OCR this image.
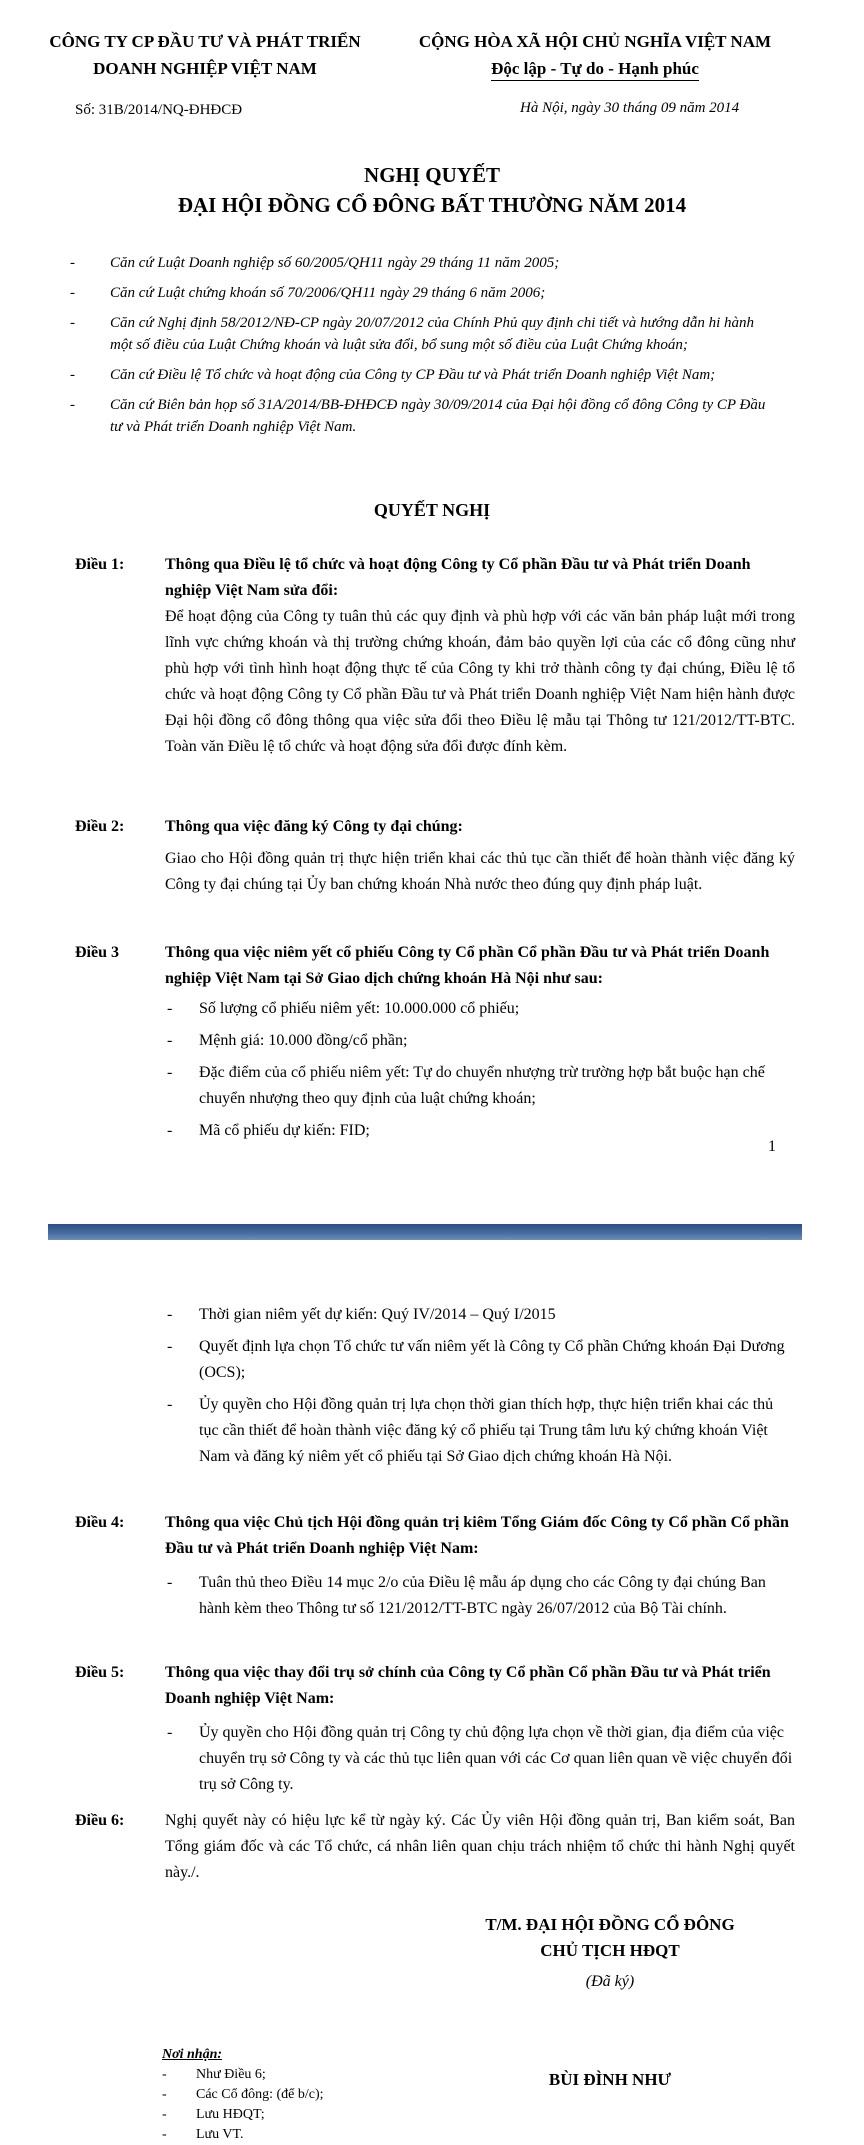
CÔNG TY CP ĐẦU TƯ VÀ PHÁT TRIỂN
DOANH NGHIỆP VIỆT NAM
CỘNG HÒA XÃ HỘI CHỦ NGHĨA VIỆT NAM
Độc lập - Tự do - Hạnh phúc
Số: 31B/2014/NQ-ĐHĐCĐ	Hà Nội, ngày 30 tháng 09 năm 2014
NGHỊ QUYẾT
ĐẠI HỘI ĐỒNG CỔ ĐÔNG BẤT THƯỜNG NĂM 2014
- Căn cứ Luật Doanh nghiệp số 60/2005/QH11 ngày 29 tháng 11 năm 2005;
- Căn cứ Luật chứng khoán số 70/2006/QH11 ngày 29 tháng 6 năm 2006;
- Căn cứ Nghị định 58/2012/NĐ-CP ngày 20/07/2012 của Chính Phủ quy định chi tiết và hướng dẫn hi hành một số điều của Luật Chứng khoán và luật sửa đổi, bổ sung một số điều của Luật Chứng khoán;
- Căn cứ Điều lệ Tổ chức và hoạt động của Công ty CP Đầu tư và Phát triển Doanh nghiệp Việt Nam;
- Căn cứ Biên bản họp số 31A/2014/BB-ĐHĐCĐ ngày 30/09/2014 của Đại hội đồng cổ đông Công ty CP Đầu tư và Phát triển Doanh nghiệp Việt Nam.
QUYẾT NGHỊ
Điều 1:	Thông qua Điều lệ tổ chức và hoạt động Công ty Cổ phần Đầu tư và Phát triển Doanh nghiệp Việt Nam sửa đổi:

Để hoạt động của Công ty tuân thủ các quy định và phù hợp với các văn bản pháp luật mới trong lĩnh vực chứng khoán và thị trường chứng khoán, đảm bảo quyền lợi của các cổ đông cũng như phù hợp với tình hình hoạt động thực tế của Công ty khi trở thành công ty đại chúng, Điều lệ tổ chức và hoạt động Công ty Cổ phần Đầu tư và Phát triển Doanh nghiệp Việt Nam hiện hành được Đại hội đồng cổ đông thông qua việc sửa đổi theo Điều lệ mẫu tại Thông tư 121/2012/TT-BTC. Toàn văn Điều lệ tổ chức và hoạt động sửa đổi được đính kèm.

Điều 2:	Thông qua việc đăng ký Công ty đại chúng:

Giao cho Hội đồng quản trị thực hiện triển khai các thủ tục cần thiết để hoàn thành việc đăng ký Công ty đại chúng tại Ủy ban chứng khoán Nhà nước theo đúng quy định pháp luật.

Điều 3	Thông qua việc niêm yết cổ phiếu Công ty Cổ phần Cổ phần Đầu tư và Phát triển Doanh nghiệp Việt Nam tại Sở Giao dịch chứng khoán Hà Nội như sau:
- Số lượng cổ phiếu niêm yết: 10.000.000 cổ phiếu;
- Mệnh giá: 10.000 đồng/cổ phần;
- Đặc điểm của cổ phiếu niêm yết: Tự do chuyển nhượng trừ trường hợp bắt buộc hạn chế chuyển nhượng theo quy định của luật chứng khoán;
- Mã cổ phiếu dự kiến: FID;
1
- Thời gian niêm yết dự kiến: Quý IV/2014 – Quý I/2015
- Quyết định lựa chọn Tổ chức tư vấn niêm yết là Công ty Cổ phần Chứng khoán Đại Dương (OCS);
- Ủy quyền cho Hội đồng quản trị lựa chọn thời gian thích hợp, thực hiện triển khai các thủ tục cần thiết để hoàn thành việc đăng ký cổ phiếu tại Trung tâm lưu ký chứng khoán Việt Nam và đăng ký niêm yết cổ phiếu tại Sở Giao dịch chứng khoán Hà Nội.
Điều 4:	Thông qua việc Chủ tịch Hội đồng quản trị kiêm Tổng Giám đốc Công ty Cổ phần Cổ phần Đầu tư và Phát triển Doanh nghiệp Việt Nam:
- Tuân thủ theo Điều 14 mục 2/o của Điều lệ mẫu áp dụng cho các Công ty đại chúng Ban hành kèm theo Thông tư số 121/2012/TT-BTC ngày 26/07/2012 của Bộ Tài chính.
Điều 5:	Thông qua việc thay đổi trụ sở chính của Công ty Cổ phần Cổ phần Đầu tư và Phát triển Doanh nghiệp Việt Nam:
- Ủy quyền cho Hội đồng quản trị Công ty chủ động lựa chọn về thời gian, địa điểm của việc chuyển trụ sở Công ty và các thủ tục liên quan với các Cơ quan liên quan về việc chuyển đổi trụ sở Công ty.
Điều 6:	Nghị quyết này có hiệu lực kể từ ngày ký. Các Ủy viên Hội đồng quản trị, Ban kiểm soát, Ban Tổng giám đốc và các Tổ chức, cá nhân liên quan chịu trách nhiệm tổ chức thi hành Nghị quyết này./.

Nơi nhận:
- Như Điều 6;
- Các Cổ đông: (để b/c);
- Lưu HĐQT;
- Lưu VT.
T/M. ĐẠI HỘI ĐỒNG CỔ ĐÔNG
CHỦ TỊCH HĐQT
(Đã ký)
BÙI ĐÌNH NHƯ
